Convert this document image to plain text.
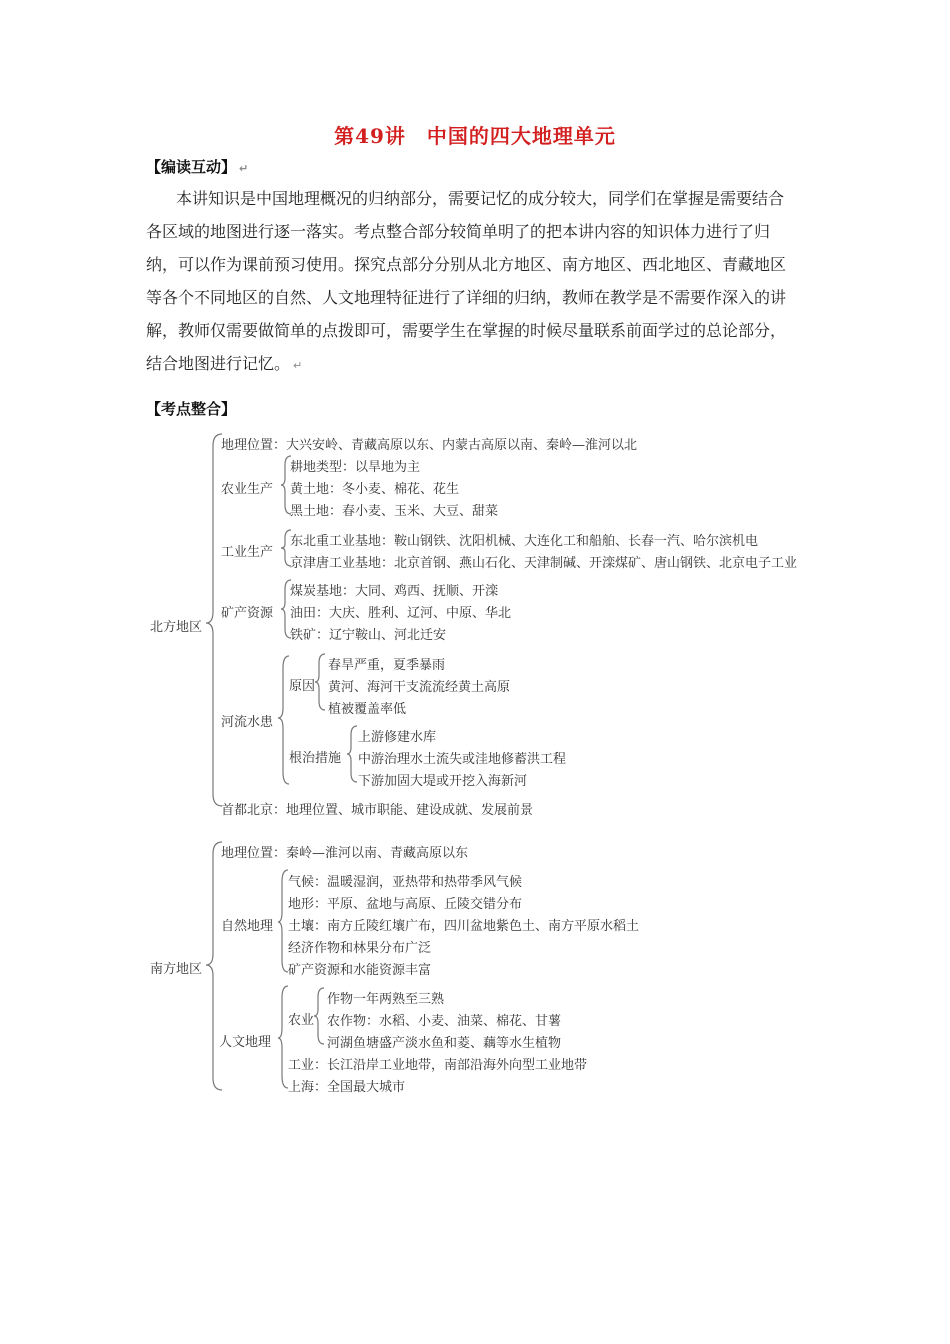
第49讲　中国的四大地理单元
【编读互动】 ↵
本讲知识是中国地理概况的归纳部分，需要记忆的成分较大，同学们在掌握是需要结合
各区域的地图进行逐一落实。考点整合部分较简单明了的把本讲内容的知识体力进行了归
纳，可以作为课前预习使用。探究点部分分别从北方地区、南方地区、西北地区、青藏地区
等各个不同地区的自然、人文地理特征进行了详细的归纳，教师在教学是不需要作深入的讲
解，教师仅需要做简单的点拨即可，需要学生在掌握的时候尽量联系前面学过的总论部分，
结合地图进行记忆。 ↵
【考点整合】
北方地区
地理位置：大兴安岭、青藏高原以东、内蒙古高原以南、秦岭—淮河以北
农业生产
耕地类型：以旱地为主
黄土地：冬小麦、棉花、花生
黑土地：春小麦、玉米、大豆、甜菜
工业生产
东北重工业基地：鞍山钢铁、沈阳机械、大连化工和船舶、长春一汽、哈尔滨机电
京津唐工业基地：北京首钢、燕山石化、天津制碱、开滦煤矿、唐山钢铁、北京电子工业
矿产资源
煤炭基地：大同、鸡西、抚顺、开滦
油田：大庆、胜利、辽河、中原、华北
铁矿：辽宁鞍山、河北迁安
河流水患
原因
春旱严重，夏季暴雨
黄河、海河干支流流经黄土高原
植被覆盖率低
根治措施
上游修建水库
中游治理水土流失或洼地修蓄洪工程
下游加固大堤或开挖入海新河
首都北京：地理位置、城市职能、建设成就、发展前景
南方地区
地理位置：秦岭—淮河以南、青藏高原以东
自然地理
气候：温暖湿润，亚热带和热带季风气候
地形：平原、盆地与高原、丘陵交错分布
土壤：南方丘陵红壤广布，四川盆地紫色土、南方平原水稻土
经济作物和林果分布广泛
矿产资源和水能资源丰富
人文地理
农业
作物一年两熟至三熟
农作物：水稻、小麦、油菜、棉花、甘薯
河湖鱼塘盛产淡水鱼和菱、藕等水生植物
工业：长江沿岸工业地带，南部沿海外向型工业地带
上海：全国最大城市
